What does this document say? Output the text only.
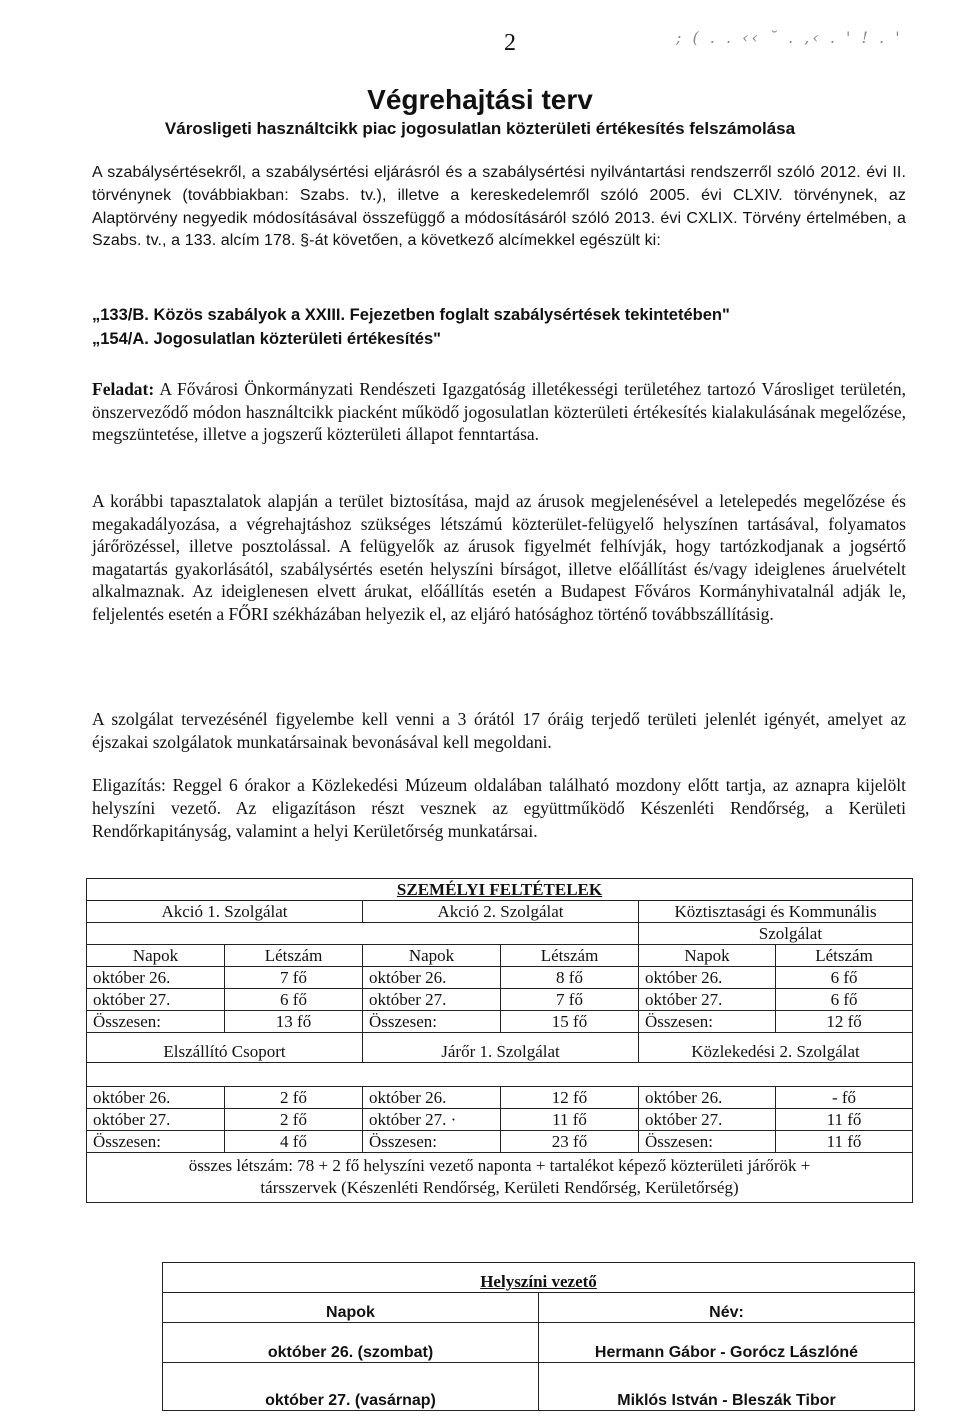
2	; ( . . ‹‹ ˘ . ,‹ . ' ! . '
Végrehajtási terv
Városligeti használtcikk piac jogosulatlan közterületi értékesítés felszámolása
A szabálysértésekről, a szabálysértési eljárásról és a szabálysértési nyilvántartási rendszerről szóló 2012. évi II. törvénynek (továbbiakban: Szabs. tv.), illetve a kereskedelemről szóló 2005. évi CLXIV. törvénynek, az Alaptörvény negyedik módosításával összefüggő a módosításáról szóló 2013. évi CXLIX. Törvény értelmében, a Szabs. tv., a 133. alcím 178. §-át követően, a következő alcímekkel egészült ki:
„133/B. Közös szabályok a XXIII. Fejezetben foglalt szabálysértések tekintetében"
„154/A. Jogosulatlan közterületi értékesítés"
Feladat: A Fővárosi Önkormányzati Rendészeti Igazgatóság illetékességi területéhez tartozó Városliget területén, önszerveződő módon használtcikk piacként működő jogosulatlan közterületi értékesítés kialakulásának megelőzése, megszüntetése, illetve a jogszerű közterületi állapot fenntartása.
A korábbi tapasztalatok alapján a terület biztosítása, majd az árusok megjelenésével a letelepedés megelőzése és megakadályozása, a végrehajtáshoz szükséges létszámú közterület-felügyelő helyszínen tartásával, folyamatos járőrözéssel, illetve posztolással. A felügyelők az árusok figyelmét felhívják, hogy tartózkodjanak a jogsértő magatartás gyakorlásától, szabálysértés esetén helyszíni bírságot, illetve előállítást és/vagy ideiglenes áruelvételt alkalmaznak. Az ideiglenesen elvett árukat, előállítás esetén a Budapest Főváros Kormányhivatalnál adják le, feljelentés esetén a FŐRI székházában helyezik el, az eljáró hatósághoz történő továbbszállításig.
A szolgálat tervezésénél figyelembe kell venni a 3 órától 17 óráig terjedő területi jelenlét igényét, amelyet az éjszakai szolgálatok munkatársainak bevonásával kell megoldani.
Eligazítás: Reggel 6 órakor a Közlekedési Múzeum oldalában található mozdony előtt tartja, az aznapra kijelölt helyszíni vezető. Az eligazításon részt vesznek az együttműködő Készenléti Rendőrség, a Kerületi Rendőrkapitányság, valamint a helyi Kerületőrség munkatársai.
SZEMÉLYI FELTÉTELEK					
Akció 1. Szolgálat		Akció 2. Szolgálat		Köztisztasági és Kommunális	
				Szolgálat	
Napok	Létszám	Napok	Létszám	Napok	Létszám
október 26.	7 fő	október 26.	8 fő	október 26.	6 fő
október 27.	6 fő	október 27.	7 fő	október 27.	6 fő
Összesen:	13 fő	Összesen:	15 fő	Összesen:	12 fő
Elszállító Csoport		Járőr 1. Szolgálat		Közlekedési 2. Szolgálat	

október 26.	2 fő	október 26.	12 fő	október 26.	- fő
október 27.	2 fő	október 27. ·	11 fő	október 27.	11 fő
Összesen:	4 fő	Összesen:	23 fő	Összesen:	11 fő

összes létszám: 78 + 2 fő helyszíni vezető naponta + tartalékot képező közterületi járőrök +
társszervek (Készenléti Rendőrség, Kerületi Rendőrség, Kerületőrség)					
Helyszíni vezető	
Napok	Név:
október 26. (szombat)	Hermann Gábor - Gorócz Lászlóné
október 27. (vasárnap)	Miklós István - Bleszák Tibor
